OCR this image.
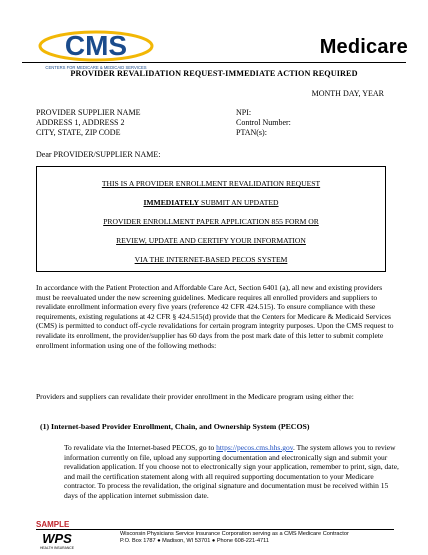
CMS
CENTERS FOR MEDICARE & MEDICAID SERVICES
Medicare
PROVIDER REVALIDATION REQUEST-IMMEDIATE ACTION REQUIRED
MONTH DAY, YEAR
PROVIDER SUPPLIER NAME
ADDRESS 1, ADDRESS 2
CITY, STATE, ZIP CODE
NPI:
Control Number:
PTAN(s):
Dear PROVIDER/SUPPLIER NAME:
THIS IS A PROVIDER ENROLLMENT REVALIDATION REQUEST
IMMEDIATELY SUBMIT AN UPDATED
PROVIDER ENROLLMENT PAPER APPLICATION 855 FORM OR
REVIEW, UPDATE AND CERTIFY YOUR INFORMATION
VIA THE INTERNET-BASED PECOS SYSTEM
In accordance with the Patient Protection and Affordable Care Act, Section 6401 (a), all new and existing providers must be reevaluated under the new screening guidelines. Medicare requires all enrolled providers and suppliers to revalidate enrollment information every five years (reference 42 CFR 424.515). To ensure compliance with these requirements, existing regulations at 42 CFR § 424.515(d) provide that the Centers for Medicare & Medicaid Services (CMS) is permitted to conduct off-cycle revalidations for certain program integrity purposes. Upon the CMS request to revalidate its enrollment, the provider/supplier has 60 days from the post mark date of this letter to submit complete enrollment information using one of the following methods:
Providers and suppliers can revalidate their provider enrollment in the Medicare program using either the:
(1) Internet-based Provider Enrollment, Chain, and Ownership System (PECOS)
To revalidate via the Internet-based PECOS, go to https://pecos.cms.hhs.gov. The system allows you to review information currently on file, upload any supporting documentation and electronically sign and submit your revalidation application. If you choose not to electronically sign your application, remember to print, sign, date, and mail the certification statement along with all required supporting documentation to your Medicare contractor. To process the revalidation, the original signature and documentation must be received within 15 days of the application internet submission date.
SAMPLE
WPS
HEALTH INSURANCE
Wisconsin Physicians Service Insurance Corporation serving as a CMS Medicare Contractor
P.O. Box 1787 ● Madison, WI 53701 ● Phone 608-221-4711
